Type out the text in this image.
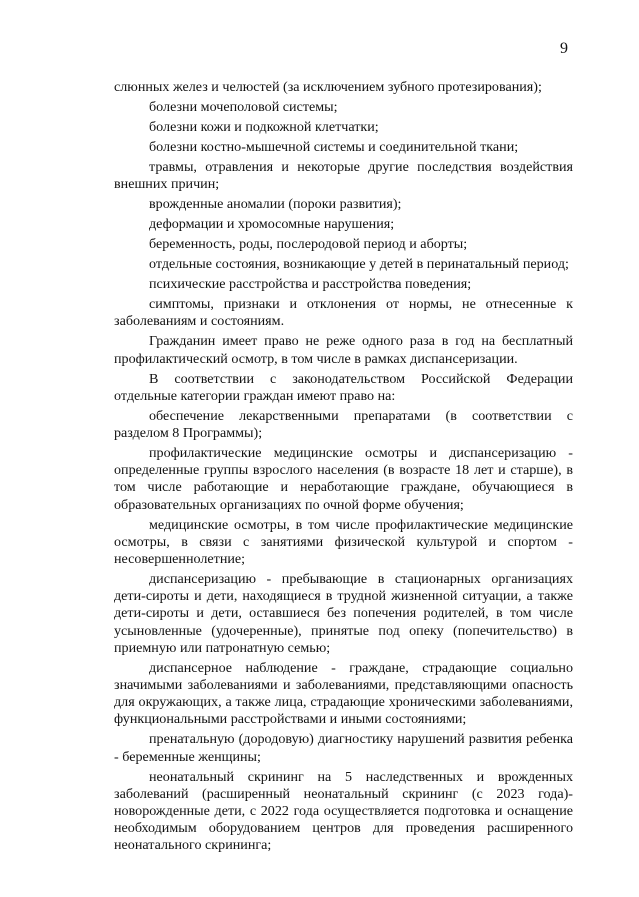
9

слюнных желез и челюстей (за исключением зубного протезирования);

болезни мочеполовой системы;

болезни кожи и подкожной клетчатки;

болезни костно-мышечной системы и соединительной ткани;

травмы, отравления и некоторые другие последствия воздействия внешних причин;

врожденные аномалии (пороки развития);

деформации и хромосомные нарушения;

беременность, роды, послеродовой период и аборты;

отдельные состояния, возникающие у детей в перинатальный период;

психические расстройства и расстройства поведения;

симптомы, признаки и отклонения от нормы, не отнесенные к заболеваниям и состояниям.

Гражданин имеет право не реже одного раза в год на бесплатный профилактический осмотр, в том числе в рамках диспансеризации.

В соответствии с законодательством Российской Федерации отдельные категории граждан имеют право на:

обеспечение лекарственными препаратами (в соответствии с разделом 8 Программы);

профилактические медицинские осмотры и диспансеризацию - определенные группы взрослого населения (в возрасте 18 лет и старше), в том числе работающие и неработающие граждане, обучающиеся в образовательных организациях по очной форме обучения;

медицинские осмотры, в том числе профилактические медицинские осмотры, в связи с занятиями физической культурой и спортом - несовершеннолетние;

диспансеризацию - пребывающие в стационарных организациях дети-сироты и дети, находящиеся в трудной жизненной ситуации, а также дети-сироты и дети, оставшиеся без попечения родителей, в том числе усыновленные (удочеренные), принятые под опеку (попечительство) в приемную или патронатную семью;

диспансерное наблюдение - граждане, страдающие социально значимыми заболеваниями и заболеваниями, представляющими опасность для окружающих, а также лица, страдающие хроническими заболеваниями, функциональными расстройствами и иными состояниями;

пренатальную (дородовую) диагностику нарушений развития ребенка - беременные женщины;

неонатальный скрининг на 5 наследственных и врожденных заболеваний (расширенный неонатальный скрининг (с 2023 года)- новорожденные дети, с 2022 года осуществляется подготовка и оснащение необходимым оборудованием центров для проведения расширенного неонатального скрининга;
